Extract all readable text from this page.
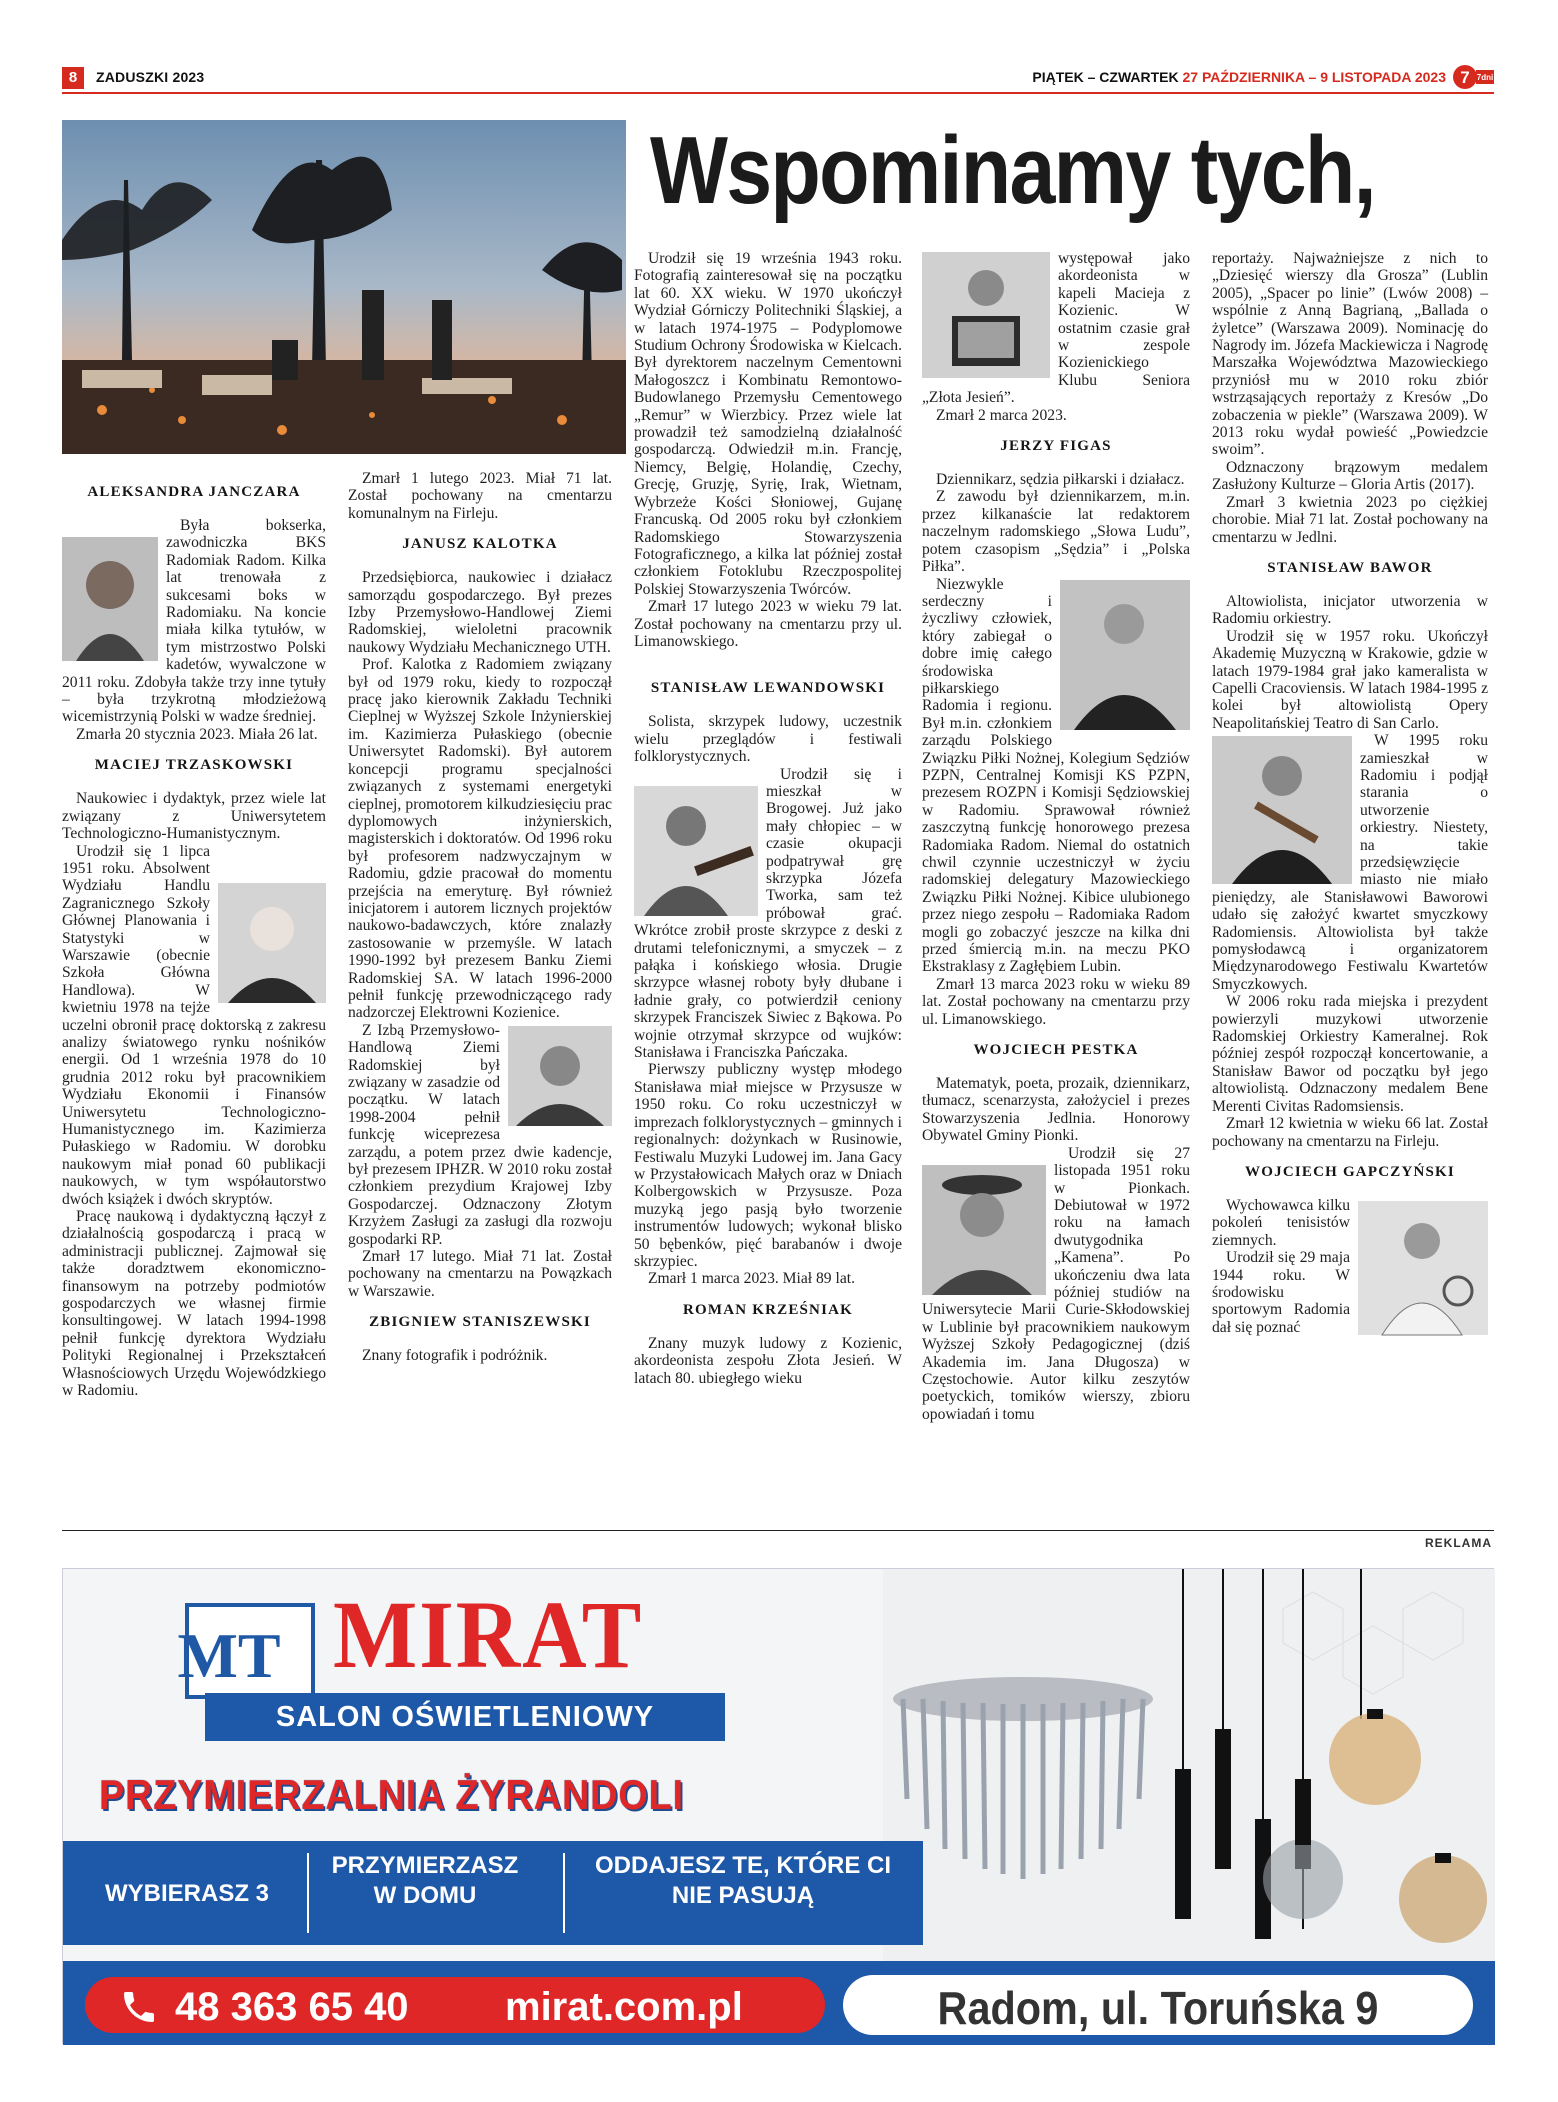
8	ZADUSZKI 2023	PIĄTEK – CZWARTEK 27 PAŹDZIERNIKA – 9 LISTOPADA 2023 7 7dni
Wspominamy tych,
ALEKSANDRA JANCZARA

Była bokserka, zawodniczka BKS Radomiak Radom. Kilka lat trenowała z sukcesami boks w Radomiaku. Na koncie miała kilka tytułów, w tym mistrzostwo Polski kadetów, wywalczone w 2011 roku. Zdobyła także trzy inne tytuły – była trzykrotną młodzieżową wicemistrzynią Polski w wadze średniej.

Zmarła 20 stycznia 2023. Miała 26 lat.

MACIEJ TRZASKOWSKI

Naukowiec i dydaktyk, przez wiele lat związany z Uniwersytetem Technologiczno-Humanistycznym.

Urodził się 1 lipca 1951 roku. Absolwent Wydziału Handlu Zagranicznego Szkoły Głównej Planowania i Statystyki w Warszawie (obecnie Szkoła Główna Handlowa). W kwietniu 1978 na tejże uczelni obronił pracę doktorską z zakresu analizy światowego rynku nośników energii. Od 1 września 1978 do 10 grudnia 2012 roku był pracownikiem Wydziału Ekonomii i Finansów Uniwersytetu Technologiczno-Humanistycznego im. Kazimierza Pułaskiego w Radomiu. W dorobku naukowym miał ponad 60 publikacji naukowych, w tym współautorstwo dwóch książek i dwóch skryptów.

Pracę naukową i dydaktyczną łączył z działalnością gospodarczą i pracą w administracji publicznej. Zajmował się także doradztwem ekonomiczno-finansowym na potrzeby podmiotów gospodarczych we własnej firmie konsultingowej. W latach 1994-1998 pełnił funkcję dyrektora Wydziału Polityki Regionalnej i Przekształceń Własnościowych Urzędu Wojewódzkiego w Radomiu.

Zmarł 1 lutego 2023. Miał 71 lat. Został pochowany na cmentarzu komunalnym na Firleju.

JANUSZ KALOTKA

Przedsiębiorca, naukowiec i działacz samorządu gospodarczego. Był prezes Izby Przemysłowo-Handlowej Ziemi Radomskiej, wieloletni pracownik naukowy Wydziału Mechanicznego UTH.

Prof. Kalotka z Radomiem związany był od 1979 roku, kiedy to rozpoczął pracę jako kierownik Zakładu Techniki Cieplnej w Wyższej Szkole Inżynierskiej im. Kazimierza Pułaskiego (obecnie Uniwersytet Radomski). Był autorem koncepcji programu specjalności związanych z systemami energetyki cieplnej, promotorem kilkudziesięciu prac dyplomowych inżynierskich, magisterskich i doktoratów. Od 1996 roku był profesorem nadzwyczajnym w Radomiu, gdzie pracował do momentu przejścia na emeryturę. Był również inicjatorem i autorem licznych projektów naukowo-badawczych, które znalazły zastosowanie w przemyśle. W latach 1990-1992 był prezesem Banku Ziemi Radomskiej SA. W latach 1996-2000 pełnił funkcję przewodniczącego rady nadzorczej Elektrowni Kozienice.

Z Izbą Przemysłowo-Handlową Ziemi Radomskiej był związany w zasadzie od początku. W latach 1998-2004 pełnił funkcję wiceprezesa zarządu, a potem przez dwie kadencje, był prezesem IPHZR. W 2010 roku został członkiem prezydium Krajowej Izby Gospodarczej. Odznaczony Złotym Krzyżem Zasługi za zasługi dla rozwoju gospodarki RP.

Zmarł 17 lutego. Miał 71 lat. Został pochowany na cmentarzu na Powązkach w Warszawie.

ZBIGNIEW STANISZEWSKI

Znany fotografik i podróżnik.

Urodził się 19 września 1943 roku. Fotografią zainteresował się na początku lat 60. XX wieku. W 1970 ukończył Wydział Górniczy Politechniki Śląskiej, a w latach 1974-1975 – Podyplomowe Studium Ochrony Środowiska w Kielcach. Był dyrektorem naczelnym Cementowni Małogoszcz i Kombinatu Remontowo-Budowlanego Przemysłu Cementowego „Remur” w Wierzbicy. Przez wiele lat prowadził też samodzielną działalność gospodarczą. Odwiedził m.in. Francję, Niemcy, Belgię, Holandię, Czechy, Grecję, Gruzję, Syrię, Irak, Wietnam, Wybrzeże Kości Słoniowej, Gujanę Francuską. Od 2005 roku był członkiem Radomskiego Stowarzyszenia Fotograficznego, a kilka lat później został członkiem Fotoklubu Rzeczpospolitej Polskiej Stowarzyszenia Twórców.

Zmarł 17 lutego 2023 w wieku 79 lat. Został pochowany na cmentarzu przy ul. Limanowskiego.

STANISŁAW LEWANDOWSKI

Solista, skrzypek ludowy, uczestnik wielu przeglądów i festiwali folklorystycznych.

Urodził się i mieszkał w Brogowej. Już jako mały chłopiec – w czasie okupacji podpatrywał grę skrzypka Józefa Tworka, sam też próbował grać. Wkrótce zrobił proste skrzypce z deski z drutami telefonicznymi, a smyczek – z pałąka i końskiego włosia. Drugie skrzypce własnej roboty były dłubane i ładnie grały, co potwierdził ceniony skrzypek Franciszek Siwiec z Bąkowa. Po wojnie otrzymał skrzypce od wujków: Stanisława i Franciszka Pańczaka.

Pierwszy publiczny występ młodego Stanisława miał miejsce w Przysusze w 1950 roku. Co roku uczestniczył w imprezach folklorystycznych – gminnych i regionalnych: dożynkach w Rusinowie, Festiwalu Muzyki Ludowej im. Jana Gacy w Przystałowicach Małych oraz w Dniach Kolbergowskich w Przysusze. Poza muzyką jego pasją było tworzenie instrumentów ludowych; wykonał blisko 50 bębenków, pięć barabanów i dwoje skrzypiec.

Zmarł 1 marca 2023. Miał 89 lat.

ROMAN KRZEŚNIAK

Znany muzyk ludowy z Kozienic, akordeonista zespołu Złota Jesień. W latach 80. ubiegłego wieku

występował jako akordeonista w kapeli Macieja z Kozienic. W ostatnim czasie grał w zespole Kozienickiego Klubu Seniora „Złota Jesień”.

Zmarł 2 marca 2023.

JERZY FIGAS

Dziennikarz, sędzia piłkarski i działacz.

Z zawodu był dziennikarzem, m.in. przez kilkanaście lat redaktorem naczelnym radomskiego „Słowa Ludu”, potem czasopism „Sędzia” i „Polska Piłka”.

Niezwykle serdeczny i życzliwy człowiek, który zabiegał o dobre imię całego środowiska piłkarskiego Radomia i regionu. Był m.in. członkiem zarządu Polskiego Związku Piłki Nożnej, Kolegium Sędziów PZPN, Centralnej Komisji KS PZPN, prezesem ROZPN i Komisji Sędziowskiej w Radomiu. Sprawował również zaszczytną funkcję honorowego prezesa Radomiaka Radom. Niemal do ostatnich chwil czynnie uczestniczył w życiu radomskiej delegatury Mazowieckiego Związku Piłki Nożnej. Kibice ulubionego przez niego zespołu – Radomiaka Radom mogli go zobaczyć jeszcze na kilka dni przed śmiercią m.in. na meczu PKO Ekstraklasy z Zagłębiem Lubin.

Zmarł 13 marca 2023 roku w wieku 89 lat. Został pochowany na cmentarzu przy ul. Limanowskiego.

WOJCIECH PESTKA

Matematyk, poeta, prozaik, dziennikarz, tłumacz, scenarzysta, założyciel i prezes Stowarzyszenia Jedlnia. Honorowy Obywatel Gminy Pionki.

Urodził się 27 listopada 1951 roku w Pionkach. Debiutował w 1972 roku na łamach dwutygodnika „Kamena”. Po ukończeniu dwa lata później studiów na Uniwersytecie Marii Curie-Skłodowskiej w Lublinie był pracownikiem naukowym Wyższej Szkoły Pedagogicznej (dziś Akademia im. Jana Długosza) w Częstochowie. Autor kilku zeszytów poetyckich, tomików wierszy, zbioru opowiadań i tomu

reportaży. Najważniejsze z nich to „Dziesięć wierszy dla Grosza” (Lublin 2005), „Spacer po linie” (Lwów 2008) – wspólnie z Anną Bagrianą, „Ballada o żyletce” (Warszawa 2009). Nominację do Nagrody im. Józefa Mackiewicza i Nagrodę Marszałka Województwa Mazowieckiego przyniósł mu w 2010 roku zbiór wstrząsających reportaży z Kresów „Do zobaczenia w piekle” (Warszawa 2009). W 2013 roku wydał powieść „Powiedzcie swoim”.

Odznaczony brązowym medalem Zasłużony Kulturze – Gloria Artis (2017).

Zmarł 3 kwietnia 2023 po ciężkiej chorobie. Miał 71 lat. Został pochowany na cmentarzu w Jedlni.

STANISŁAW BAWOR

Altowiolista, inicjator utworzenia w Radomiu orkiestry.

Urodził się w 1957 roku. Ukończył Akademię Muzyczną w Krakowie, gdzie w latach 1979-1984 grał jako kameralista w Capelli Cracoviensis. W latach 1984-1995 z kolei był altowiolistą Opery Neapolitańskiej Teatro di San Carlo.

W 1995 roku zamieszkał w Radomiu i podjął starania o utworzenie orkiestry. Niestety, na takie przedsięwzięcie miasto nie miało pieniędzy, ale Stanisławowi Baworowi udało się założyć kwartet smyczkowy Radomiensis. Altowiolista był także pomysłodawcą i organizatorem Międzynarodowego Festiwalu Kwartetów Smyczkowych.

W 2006 roku rada miejska i prezydent powierzyli muzykowi utworzenie Radomskiej Orkiestry Kameralnej. Rok później zespół rozpoczął koncertowanie, a Stanisław Bawor od początku był jego altowiolistą. Odznaczony medalem Bene Merenti Civitas Radomsiensis.

Zmarł 12 kwietnia w wieku 66 lat. Został pochowany na cmentarzu na Firleju.

WOJCIECH GAPCZYŃSKI

Wychowawca kilku pokoleń tenisistów ziemnych.

Urodził się 29 maja 1944 roku. W środowisku sportowym Radomia dał się poznać

REKLAMA
MT MIRAT
SALON OŚWIETLENIOWY
PRZYMIERZALNIA ŻYRANDOLI
WYBIERASZ 3
PRZYMIERZASZ W DOMU
ODDAJESZ TE, KTÓRE CI NIE PASUJĄ
48 363 65 40 mirat.com.pl	Radom, ul. Toruńska 9
